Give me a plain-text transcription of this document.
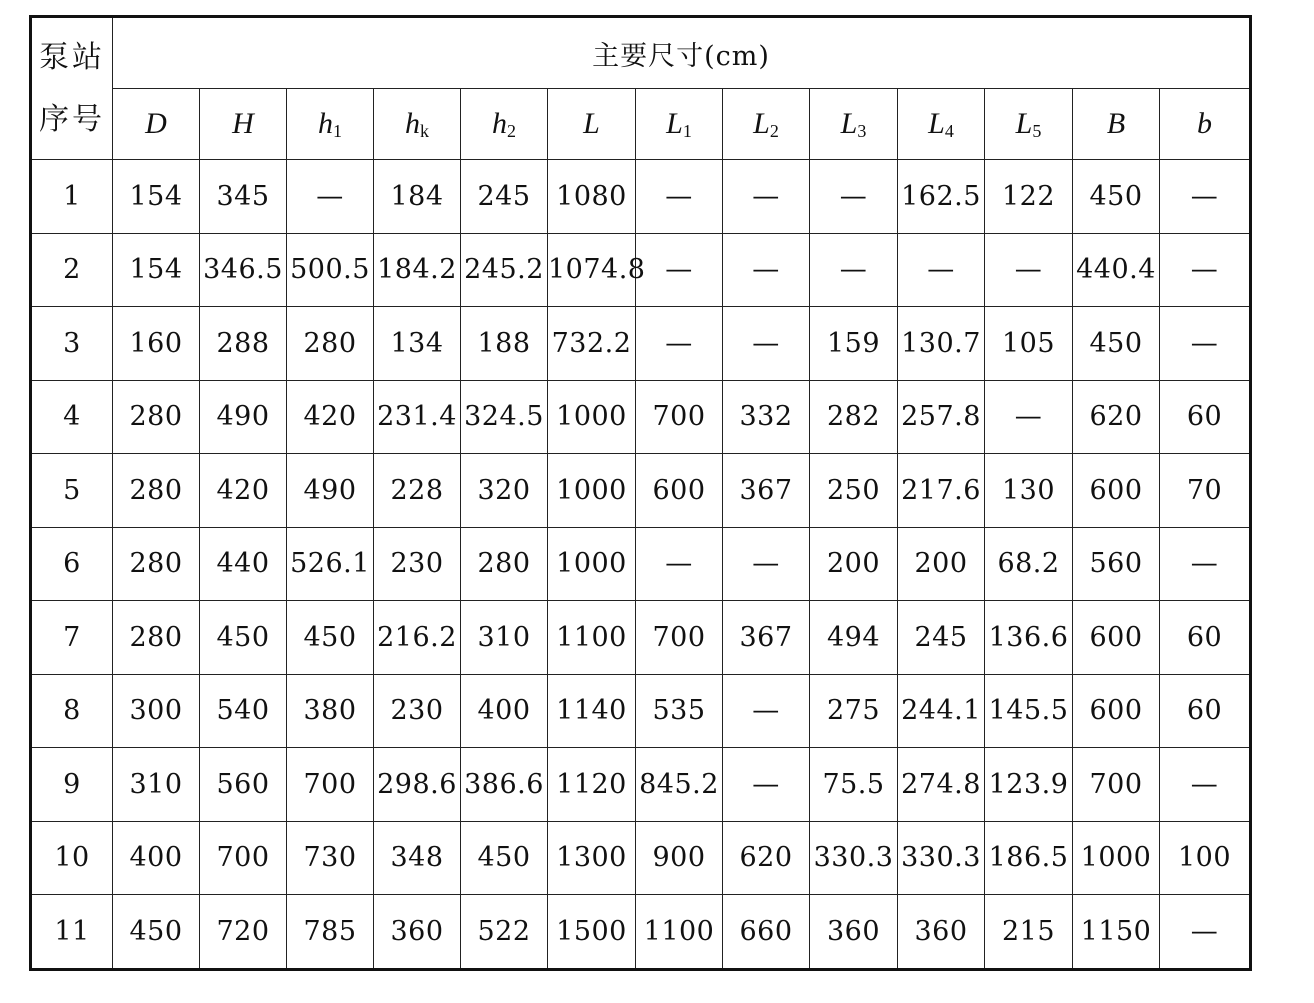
泵站
序号	主要尺寸(cm)												
	D	H	$h_1$	$h_k$	$h_2$	L	$L_1$	$L_2$	$L_3$	$L_4$	$L_5$	B	b
1	154	345	—	184	245	1080	—	—	—	162.5	122	450	—
2	154	346.5	500.5	184.2	245.2	1074.8	—	—	—	—	—	440.4	—
3	160	288	280	134	188	732.2	—	—	159	130.7	105	450	—
4	280	490	420	231.4	324.5	1000	700	332	282	257.8	—	620	60
5	280	420	490	228	320	1000	600	367	250	217.6	130	600	70
6	280	440	526.1	230	280	1000	—	—	200	200	68.2	560	—
7	280	450	450	216.2	310	1100	700	367	494	245	136.6	600	60
8	300	540	380	230	400	1140	535	—	275	244.1	145.5	600	60
9	310	560	700	298.6	386.6	1120	845.2	—	75.5	274.8	123.9	700	—
10	400	700	730	348	450	1300	900	620	330.3	330.3	186.5	1000	100
11	450	720	785	360	522	1500	1100	660	360	360	215	1150	—
